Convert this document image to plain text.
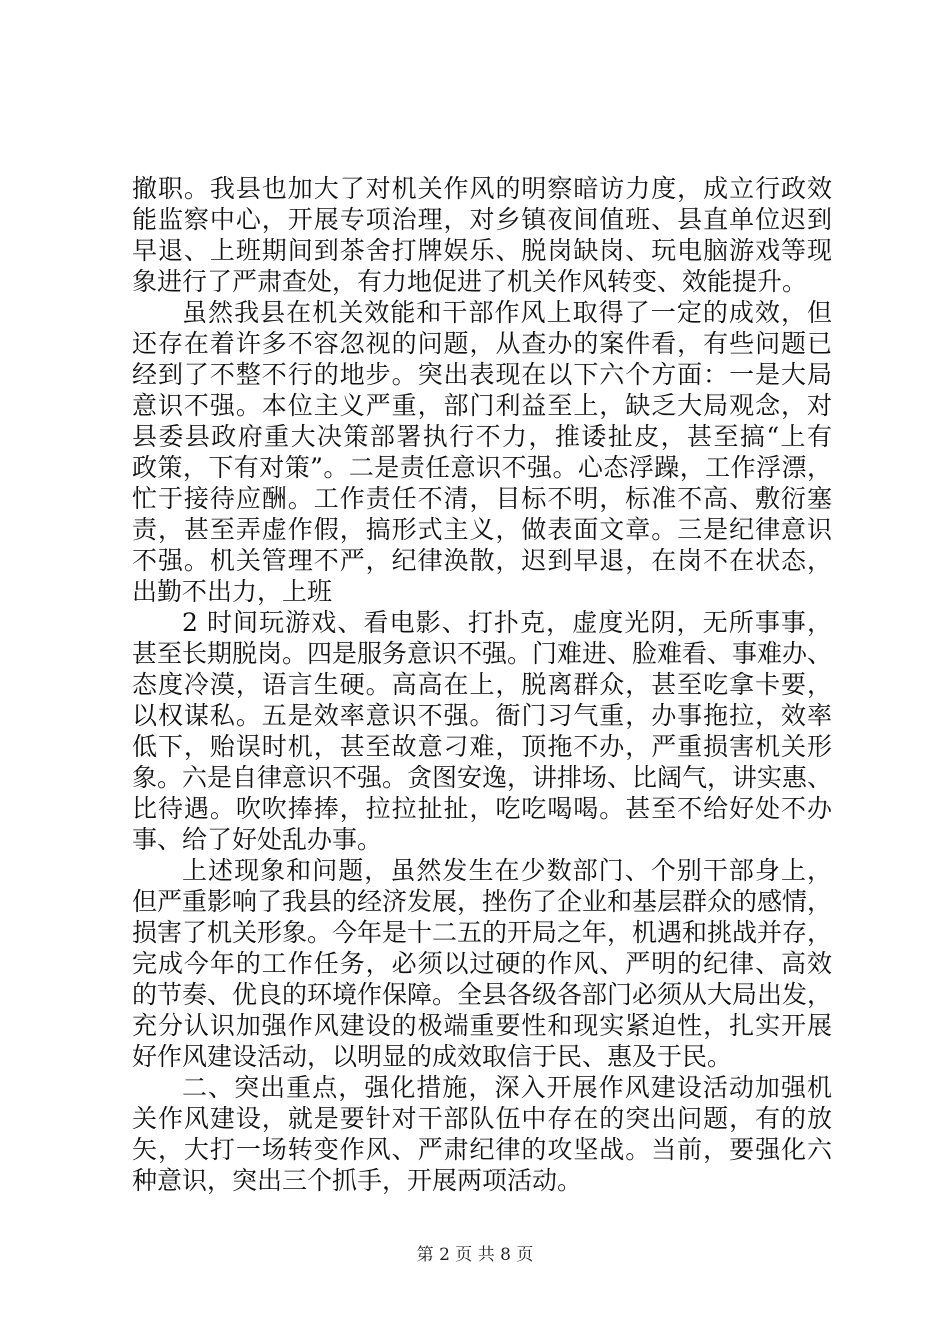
撤职。我县也加大了对机关作风的明察暗访力度，成立行政效
能监察中心，开展专项治理，对乡镇夜间值班、县直单位迟到
早退、上班期间到茶舍打牌娱乐、脱岗缺岗、玩电脑游戏等现
象进行了严肃查处，有力地促进了机关作风转变、效能提升。
虽然我县在机关效能和干部作风上取得了一定的成效，但
还存在着许多不容忽视的问题，从查办的案件看，有些问题已
经到了不整不行的地步。突出表现在以下六个方面：一是大局
意识不强。本位主义严重，部门利益至上，缺乏大局观念，对
县委县政府重大决策部署执行不力，推诿扯皮，甚至搞“上有
政策，下有对策”。二是责任意识不强。心态浮躁，工作浮漂，
忙于接待应酬。工作责任不清，目标不明，标准不高、敷衍塞
责，甚至弄虚作假，搞形式主义，做表面文章。三是纪律意识
不强。机关管理不严，纪律涣散，迟到早退，在岗不在状态，
出勤不出力，上班
2 时间玩游戏、看电影、打扑克，虚度光阴，无所事事，
甚至长期脱岗。四是服务意识不强。门难进、脸难看、事难办、
态度冷漠，语言生硬。高高在上，脱离群众，甚至吃拿卡要，
以权谋私。五是效率意识不强。衙门习气重，办事拖拉，效率
低下，贻误时机，甚至故意刁难，顶拖不办，严重损害机关形
象。六是自律意识不强。贪图安逸，讲排场、比阔气，讲实惠、
比待遇。吹吹捧捧，拉拉扯扯，吃吃喝喝。甚至不给好处不办
事、给了好处乱办事。
上述现象和问题，虽然发生在少数部门、个别干部身上，
但严重影响了我县的经济发展，挫伤了企业和基层群众的感情，
损害了机关形象。今年是十二五的开局之年，机遇和挑战并存，
完成今年的工作任务，必须以过硬的作风、严明的纪律、高效
的节奏、优良的环境作保障。全县各级各部门必须从大局出发，
充分认识加强作风建设的极端重要性和现实紧迫性，扎实开展
好作风建设活动，以明显的成效取信于民、惠及于民。
二、突出重点，强化措施，深入开展作风建设活动加强机
关作风建设，就是要针对干部队伍中存在的突出问题，有的放
矢，大打一场转变作风、严肃纪律的攻坚战。当前，要强化六
种意识，突出三个抓手，开展两项活动。
第 2 页 共 8 页
